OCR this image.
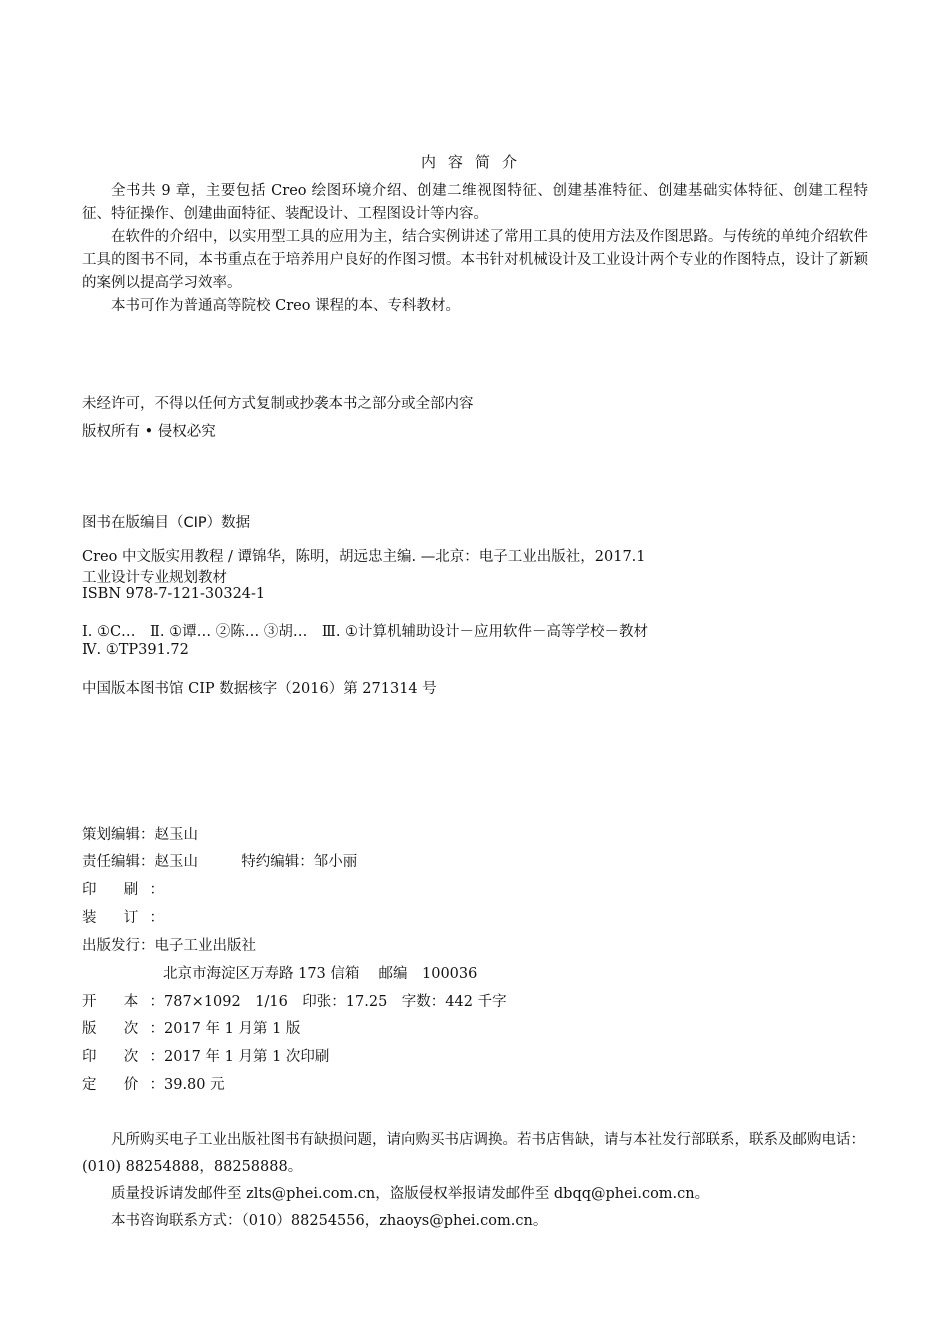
内容简介

全书共 9 章，主要包括 Creo 绘图环境介绍、创建二维视图特征、创建基准特征、创建基础实体特征、创建工程特征、特征操作、创建曲面特征、装配设计、工程图设计等内容。

在软件的介绍中，以实用型工具的应用为主，结合实例讲述了常用工具的使用方法及作图思路。与传统的单纯介绍软件工具的图书不同，本书重点在于培养用户良好的作图习惯。本书针对机械设计及工业设计两个专业的作图特点，设计了新颖的案例以提高学习效率。

本书可作为普通高等院校 Creo 课程的本、专科教材。

未经许可，不得以任何方式复制或抄袭本书之部分或全部内容
版权所有 • 侵权必究
图书在版编目（CIP）数据
Creo 中文版实用教程 / 谭锦华，陈明，胡远忠主编. —北京：电子工业出版社，2017.1
工业设计专业规划教材
ISBN 978-7-121-30324-1
Ⅰ. ①C…　Ⅱ. ①谭… ②陈… ③胡…　Ⅲ. ①计算机辅助设计－应用软件－高等学校－教材
Ⅳ. ①TP391.72
中国版本图书馆 CIP 数据核字（2016）第 271314 号
策划编辑：赵玉山
责任编辑：赵玉山	特约编辑：邹小丽
印 刷：
装 订：
出版发行：电子工业出版社
北京市海淀区万寿路 173 信箱　 邮编　100036
开 本：787×1092　1/16　印张：17.25　字数：442 千字
版 次：2017 年 1 月第 1 版
印 次：2017 年 1 月第 1 次印刷
定 价：39.80 元

凡所购买电子工业出版社图书有缺损问题，请向购买书店调换。若书店售缺，请与本社发行部联系，联系及邮购电话：(010) 88254888，88258888。

质量投诉请发邮件至 zlts@phei.com.cn，盗版侵权举报请发邮件至 dbqq@phei.com.cn。

本书咨询联系方式：（010）88254556，zhaoys@phei.com.cn。
